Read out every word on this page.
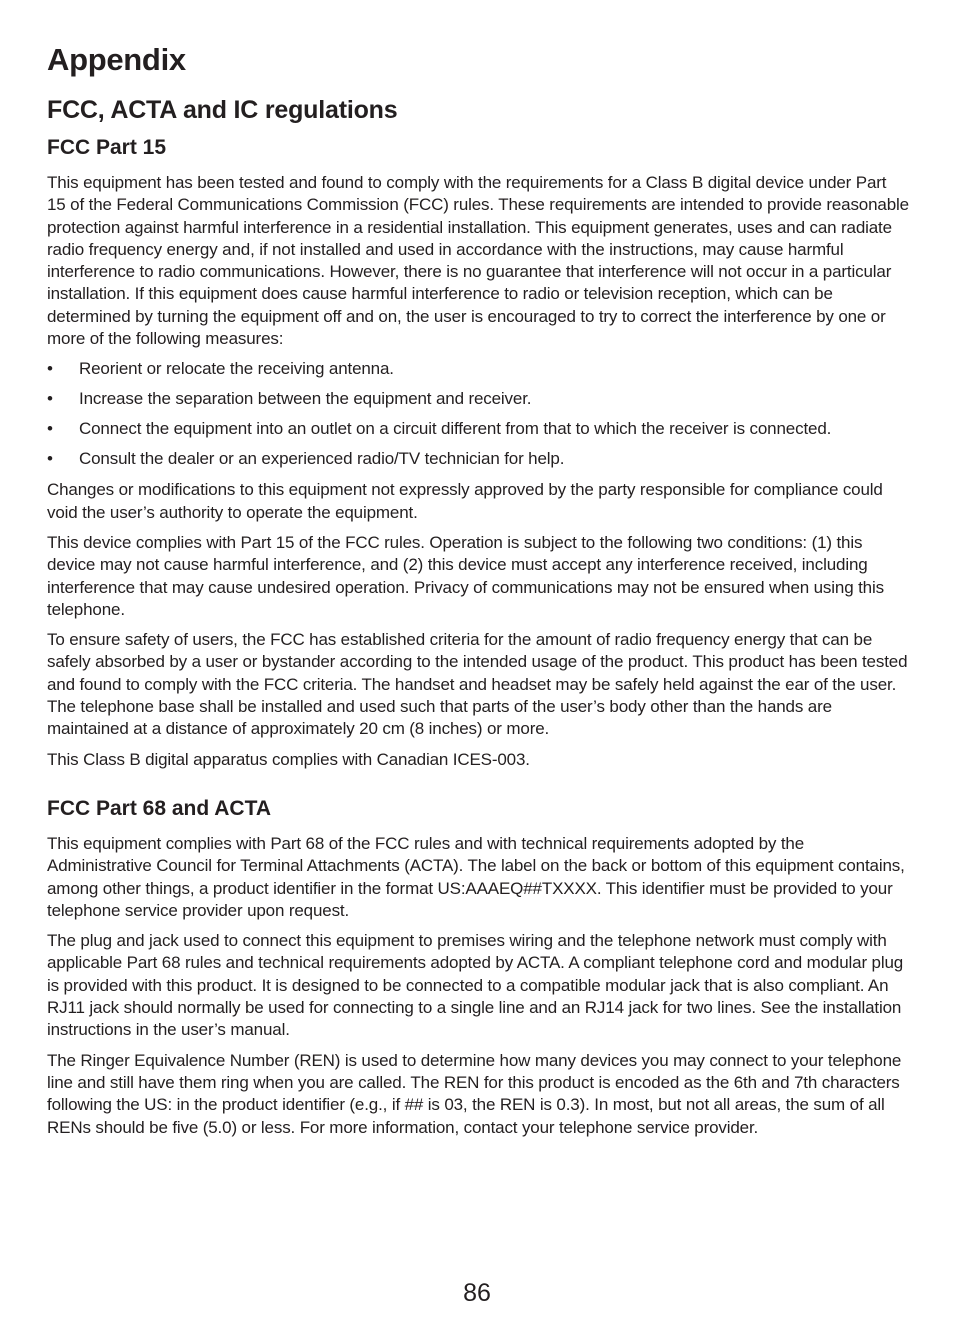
Appendix
FCC, ACTA and IC regulations
FCC Part 15

This equipment has been tested and found to comply with the requirements for a Class B digital device under Part 15 of the Federal Communications Commission (FCC) rules. These requirements are intended to provide reasonable protection against harmful interference in a residential installation. This equipment generates, uses and can radiate radio frequency energy and, if not installed and used in accordance with the instructions, may cause harmful interference to radio communications. However, there is no guarantee that interference will not occur in a particular installation. If this equipment does cause harmful interference to radio or television reception, which can be determined by turning the equipment off and on, the user is encouraged to try to correct the interference by one or more of the following measures:

•	Reorient or relocate the receiving antenna.
•	Increase the separation between the equipment and receiver.
•	Connect the equipment into an outlet on a circuit different from that to which the receiver is connected.
•	Consult the dealer or an experienced radio/TV technician for help.

Changes or modifications to this equipment not expressly approved by the party responsible for compliance could void the user’s authority to operate the equipment.

This device complies with Part 15 of the FCC rules. Operation is subject to the following two conditions: (1) this device may not cause harmful interference, and (2) this device must accept any interference received, including interference that may cause undesired operation. Privacy of communications may not be ensured when using this telephone.

To ensure safety of users, the FCC has established criteria for the amount of radio frequency energy that can be safely absorbed by a user or bystander according to the intended usage of the product. This product has been tested and found to comply with the FCC criteria. The handset and headset may be safely held against the ear of the user. The telephone base shall be installed and used such that parts of the user’s body other than the hands are maintained at a distance of approximately 20 cm (8 inches) or more.

This Class B digital apparatus complies with Canadian ICES-003.

FCC Part 68 and ACTA

This equipment complies with Part 68 of the FCC rules and with technical requirements adopted by the Administrative Council for Terminal Attachments (ACTA). The label on the back or bottom of this equipment contains, among other things, a product identifier in the format US:AAAEQ##TXXXX. This identifier must be provided to your telephone service provider upon request.

The plug and jack used to connect this equipment to premises wiring and the telephone network must comply with applicable Part 68 rules and technical requirements adopted by ACTA. A compliant telephone cord and modular plug is provided with this product. It is designed to be connected to a compatible modular jack that is also compliant. An RJ11 jack should normally be used for connecting to a single line and an RJ14 jack for two lines. See the installation instructions in the user’s manual.

The Ringer Equivalence Number (REN) is used to determine how many devices you may connect to your telephone line and still have them ring when you are called. The REN for this product is encoded as the 6th and 7th characters following the US: in the product identifier (e.g., if ## is 03, the REN is 0.3). In most, but not all areas, the sum of all RENs should be five (5.0) or less. For more information, contact your telephone service provider.

86
